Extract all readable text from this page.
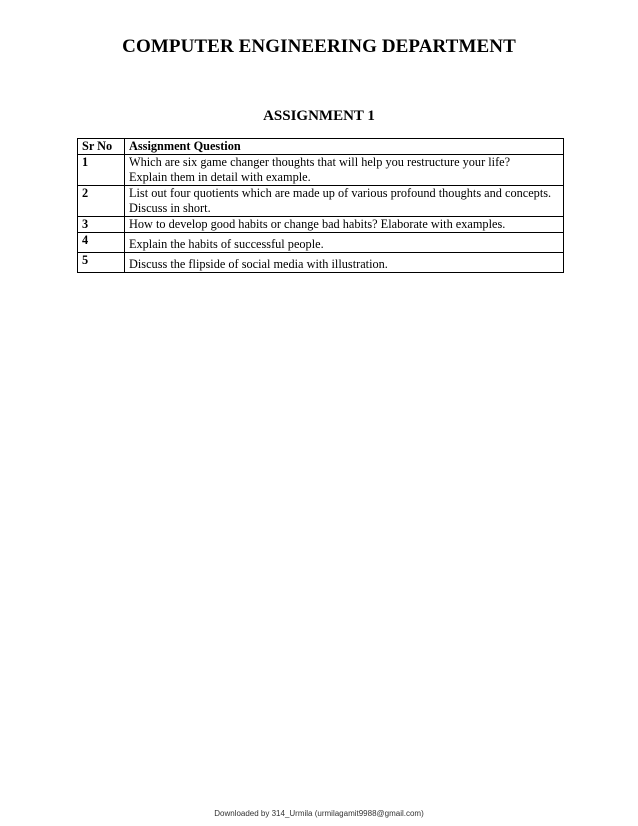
COMPUTER ENGINEERING DEPARTMENT
ASSIGNMENT 1
Sr No	Assignment Question
1	Which are six game changer thoughts that will help you restructure your life?
Explain them in detail with example.

2	List out four quotients which are made up of various profound thoughts and concepts.
Discuss in short.

3	How to develop good habits or change bad habits? Elaborate with examples.

4	Explain the habits of successful people.

5	Discuss the flipside of social media with illustration.
Downloaded by 314_Urmila (urmilagamit9988@gmail.com)
